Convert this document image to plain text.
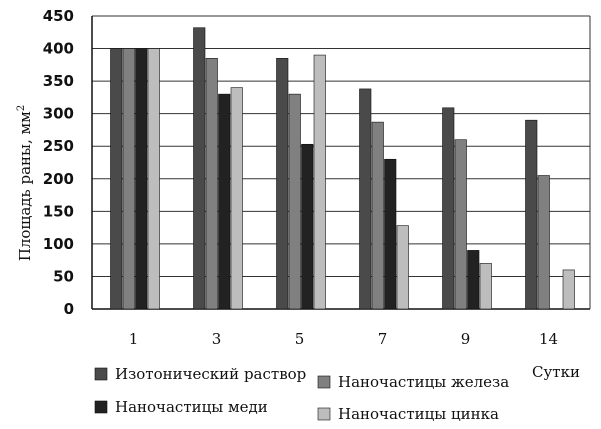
0
50
100
150
200
250
300
350
400
450
1	3	5	7	9	14
Площадь раны, $мм^2$
Сутки
Изотонический раствор Наночастицы железа
Наночастицы меди	Наночастицы цинка
